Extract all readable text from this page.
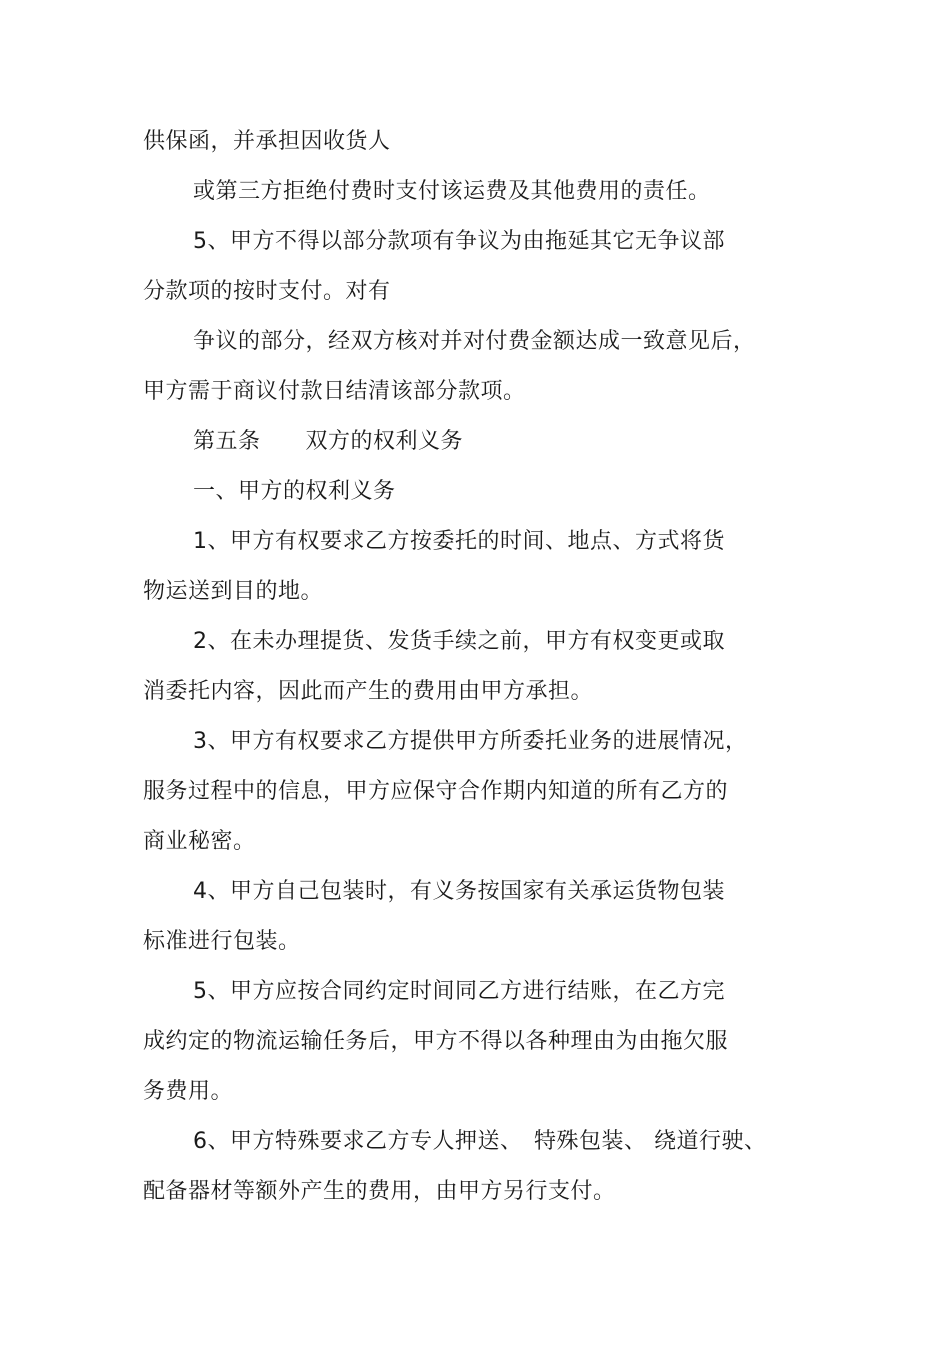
供保函，并承担因收货人
或第三方拒绝付费时支付该运费及其他费用的责任。
5、甲方不得以部分款项有争议为由拖延其它无争议部
分款项的按时支付。对有
争议的部分，经双方核对并对付费金额达成一致意见后，
甲方需于商议付款日结清该部分款项。
第五条　　双方的权利义务
一、甲方的权利义务
1、甲方有权要求乙方按委托的时间、地点、方式将货
物运送到目的地。
2、在未办理提货、发货手续之前，甲方有权变更或取
消委托内容，因此而产生的费用由甲方承担。
3、甲方有权要求乙方提供甲方所委托业务的进展情况，
服务过程中的信息，甲方应保守合作期内知道的所有乙方的
商业秘密。
4、甲方自己包装时，有义务按国家有关承运货物包装
标准进行包装。
5、甲方应按合同约定时间同乙方进行结账，在乙方完
成约定的物流运输任务后，甲方不得以各种理由为由拖欠服
务费用。
6、甲方特殊要求乙方专人押送、　特殊包装、 绕道行驶、
配备器材等额外产生的费用，由甲方另行支付。
